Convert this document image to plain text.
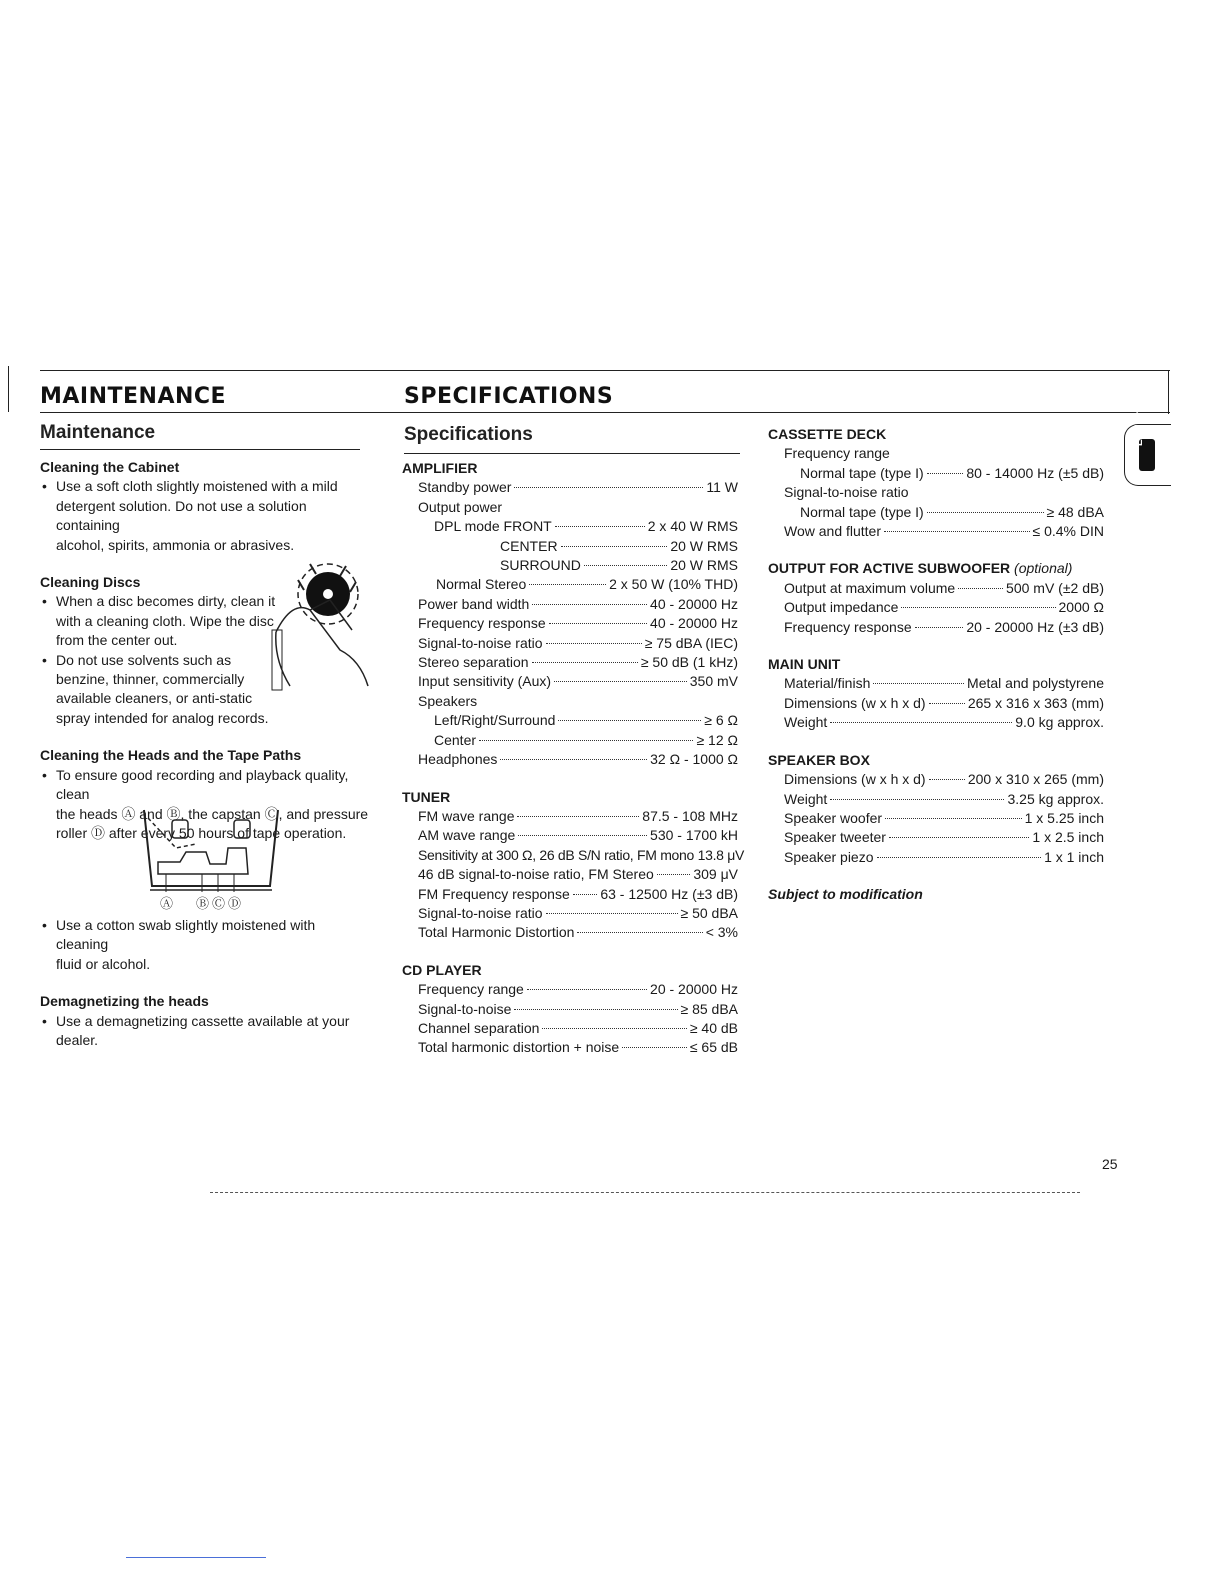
MAINTENANCE	SPECIFICATIONS
Maintenance	Specifications

Cleaning the Cabinet

• Use a soft cloth slightly moistened with a mild

detergent solution. Do not use a solution containing

alcohol, spirits, ammonia or abrasives.

Cleaning Discs

• When a disc becomes dirty, clean it

with a cleaning cloth. Wipe the disc

from the center out.

• Do not use solvents such as

benzine, thinner, commercially

available cleaners, or anti-static

spray intended for analog records.

Cleaning the Heads and the Tape Paths

• To ensure good recording and playback quality, clean

the heads Ⓐ and Ⓑ, the capstan Ⓒ, and pressure

roller Ⓓ after every 50 hours of tape operation.

Ⓐ Ⓑ Ⓒ Ⓓ

• Use a cotton swab slightly moistened with cleaning

fluid or alcohol.

Demagnetizing the heads

• Use a demagnetizing cassette available at your dealer.

AMPLIFIER

Standby power	11 W

Output power

DPL mode FRONT	2 x 40 W RMS
CENTER	20 W RMS
SURROUND	20 W RMS
Normal Stereo	2 x 50 W (10% THD)
Power band width	40 - 20000 Hz
Frequency response	40 - 20000 Hz
Signal-to-noise ratio	≥ 75 dBA (IEC)
Stereo separation	≥ 50 dB (1 kHz)
Input sensitivity (Aux)	350 mV

Speakers

Left/Right/Surround	≥ 6 Ω
Center	≥ 12 Ω
Headphones	32 Ω - 1000 Ω

TUNER

FM wave range	87.5 - 108 MHz
AM wave range	530 - 1700 kH

Sensitivity at 300 Ω, 26 dB S/N ratio, FM mono 13.8 μV

46 dB signal-to-noise ratio, FM Stereo	309 μV
FM Frequency response 63 - 12500 Hz (±3 dB)
Signal-to-noise ratio	≥ 50 dBA
Total Harmonic Distortion	< 3%

CD PLAYER

Frequency range	20 - 20000 Hz
Signal-to-noise	≥ 85 dBA
Channel separation	≥ 40 dB
Total harmonic distortion + noise	≤ 65 dB

CASSETTE DECK

Frequency range

Normal tape (type I)	80 - 14000 Hz (±5 dB)

Signal-to-noise ratio

Normal tape (type I)	≥ 48 dBA
Wow and flutter	≤ 0.4% DIN

OUTPUT FOR ACTIVE SUBWOOFER (optional)

Output at maximum volume	500 mV (±2 dB)
Output impedance	2000 Ω
Frequency response	20 - 20000 Hz (±3 dB)

MAIN UNIT

Material/finish	Metal and polystyrene
Dimensions (w x h x d)	265 x 316 x 363 (mm)
Weight	9.0 kg approx.

SPEAKER BOX

Dimensions (w x h x d)	200 x 310 x 265 (mm)
Weight	3.25 kg approx.
Speaker woofer	1 x 5.25 inch
Speaker tweeter	1 x 2.5 inch
Speaker piezo	1 x 1 inch

Subject to modification

English
25
